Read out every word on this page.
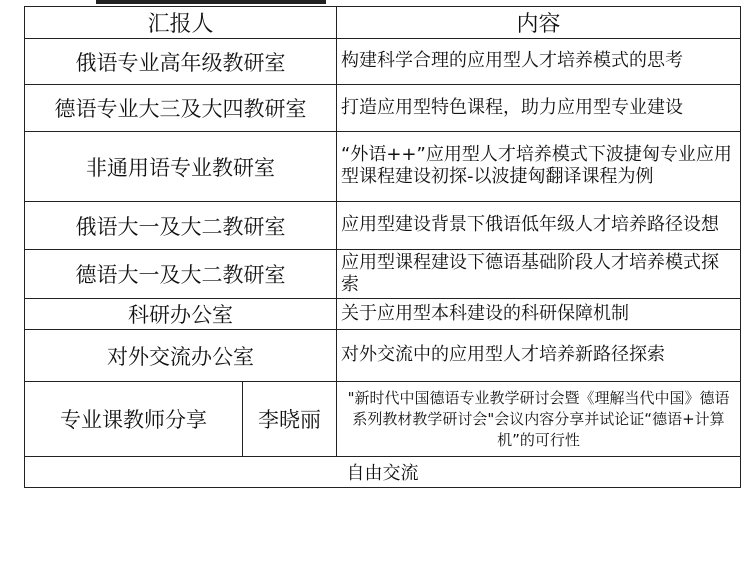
汇报人		内容
俄语专业高年级教研室		构建科学合理的应用型人才培养模式的思考
德语专业大三及大四教研室		打造应用型特色课程，助力应用型专业建设
非通用语专业教研室		“外语++”应用型人才培养模式下波捷匈专业应用型课程建设初探-以波捷匈翻译课程为例
俄语大一及大二教研室		应用型建设背景下俄语低年级人才培养路径设想
德语大一及大二教研室		应用型课程建设下德语基础阶段人才培养模式探索
科研办公室		关于应用型本科建设的科研保障机制
对外交流办公室		对外交流中的应用型人才培养新路径探索
专业课教师分享	李晓丽	"新时代中国德语专业教学研讨会暨《理解当代中国》德语系列教材教学研讨会"会议内容分享并试论证“德语+计算机”的可行性
自由交流		
